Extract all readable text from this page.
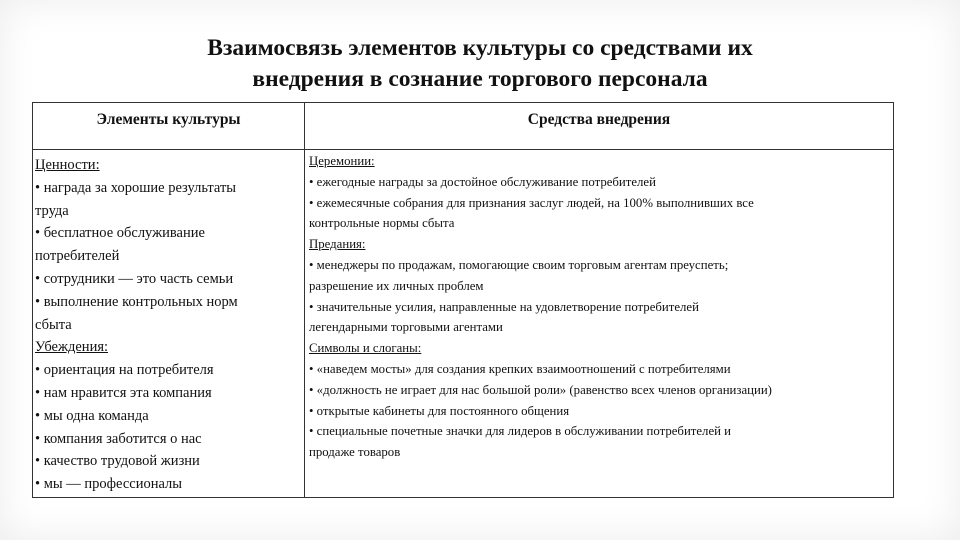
Взаимосвязь элементов культуры со средствами их
внедрения в сознание торгового персонала
Элементы культуры	Средства внедрения
Ценности:
• награда за хорошие результаты
труда
• бесплатное обслуживание
потребителей
• сотрудники — это часть семьи
• выполнение контрольных норм
сбыта
Убеждения:
• ориентация на потребителя
• нам нравится эта компания
• мы одна команда
• компания заботится о нас
• качество трудовой жизни
• мы — профессионалы
Церемонии:
• ежегодные награды за достойное обслуживание потребителей
• ежемесячные собрания для признания заслуг людей, на 100% выполнивших все
контрольные нормы сбыта
Предания:
• менеджеры по продажам, помогающие своим торговым агентам преуспеть;
разрешение их личных проблем
• значительные усилия, направленные на удовлетворение потребителей
легендарными торговыми агентами
Символы и слоганы:
• «наведем мосты» для создания крепких взаимоотношений с потребителями
• «должность не играет для нас большой роли» (равенство всех членов организации)
• открытые кабинеты для постоянного общения
• специальные почетные значки для лидеров в обслуживании потребителей и
продаже товаров
